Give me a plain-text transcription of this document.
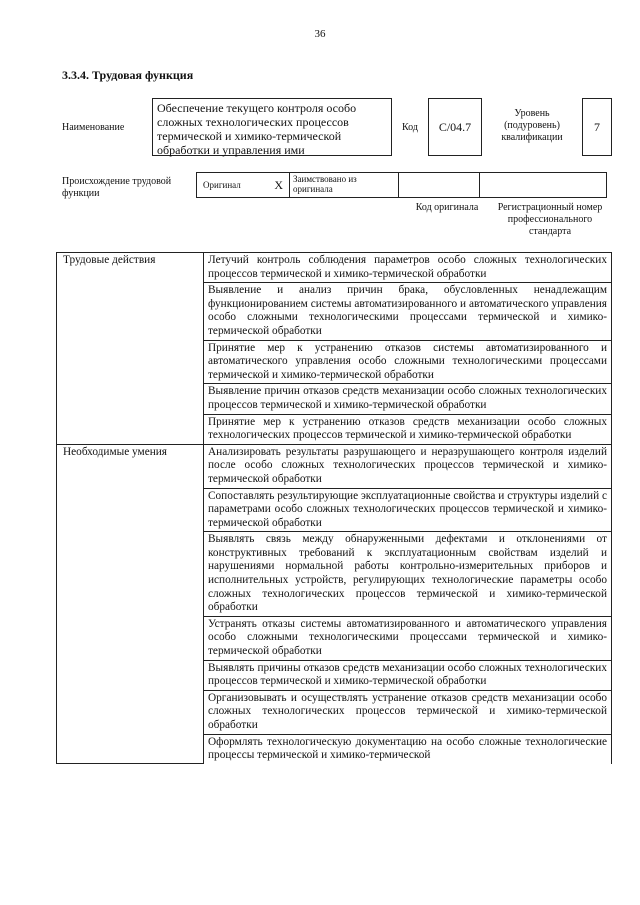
36
3.3.4. Трудовая функция
Наименование
Обеспечение текущего контроля особо сложных технологических процессов термической и химико-термической обработки и управления ими
Код	С/04.7
Уровень (подуровень) квалификации
7
Происхождение трудовой функции
Оригинал	X	Заимствовано из оригинала
Код оригинала	Регистрационный номер профессионального стандарта
Трудовые действия	Летучий контроль соблюдения параметров особо сложных технологических процессов термической и химико-термической обработки
	Выявление и анализ причин брака, обусловленных ненадлежащим функционированием системы автоматизированного и автоматического управления особо сложными технологическими процессами термической и химико-термической обработки
	Принятие мер к устранению отказов системы автоматизированного и автоматического управления особо сложными технологическими процессами термической и химико-термической обработки
	Выявление причин отказов средств механизации особо сложных технологических процессов термической и химико-термической обработки
	Принятие мер к устранению отказов средств механизации особо сложных технологических процессов термической и химико-термической обработки
Необходимые умения	Анализировать результаты разрушающего и неразрушающего контроля изделий после особо сложных технологических процессов термической и химико-термической обработки
	Сопоставлять результирующие эксплуатационные свойства и структуры изделий с параметрами особо сложных технологических процессов термической и химико-термической обработки
	Выявлять связь между обнаруженными дефектами и отклонениями от конструктивных требований к эксплуатационным свойствам изделий и нарушениями нормальной работы контрольно-измерительных приборов и исполнительных устройств, регулирующих технологические параметры особо сложных технологических процессов термической и химико-термической обработки
	Устранять отказы системы автоматизированного и автоматического управления особо сложными технологическими процессами термической и химико-термической обработки
	Выявлять причины отказов средств механизации особо сложных технологических процессов термической и химико-термической обработки
	Организовывать и осуществлять устранение отказов средств механизации особо сложных технологических процессов термической и химико-термической обработки
	Оформлять технологическую документацию на особо сложные технологические процессы термической и химико-термической
